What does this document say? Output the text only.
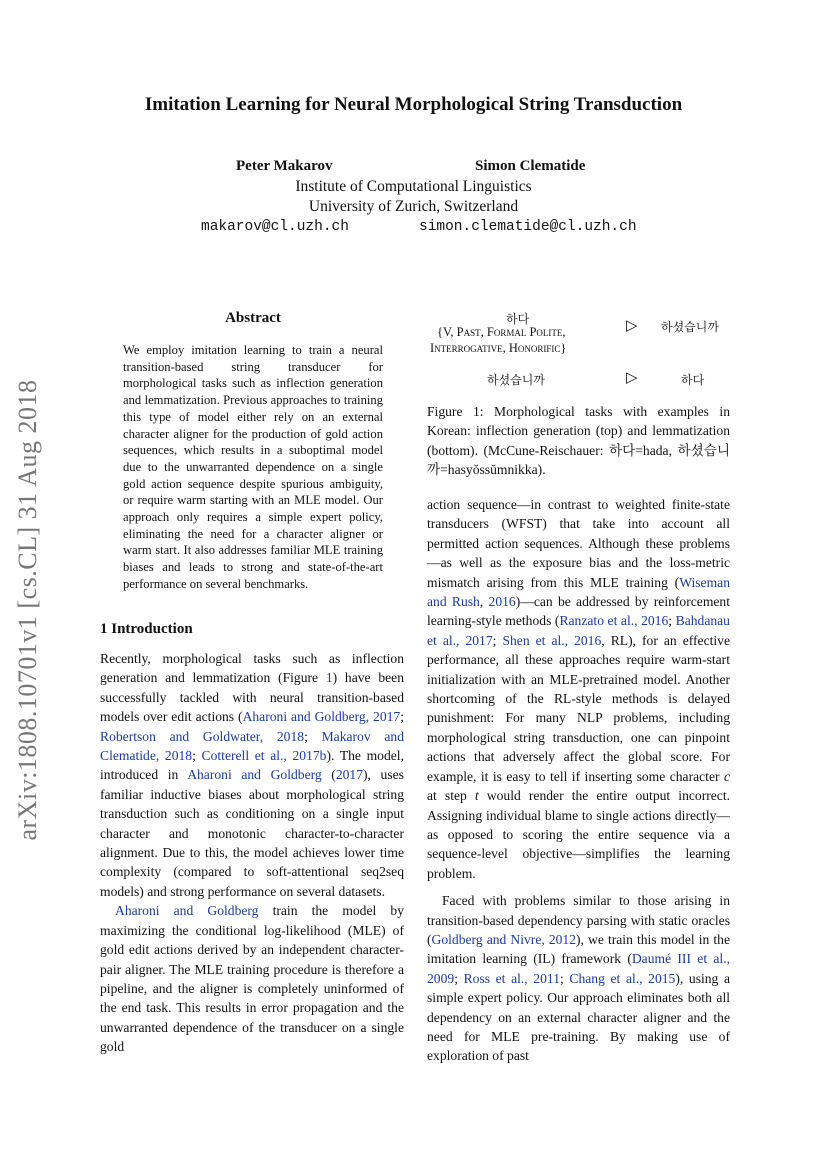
Imitation Learning for Neural Morphological String Transduction
Peter Makarov	Simon Clematide
Institute of Computational Linguistics
University of Zurich, Switzerland
makarov@cl.uzh.ch	simon.clematide@cl.uzh.ch
arXiv:1808.10701v1 [cs.CL] 31 Aug 2018
Abstract
We employ imitation learning to train a neural transition-based string transducer for morphological tasks such as inflection generation and lemmatization. Previous approaches to training this type of model either rely on an external character aligner for the production of gold action sequences, which results in a suboptimal model due to the unwarranted dependence on a single gold action sequence despite spurious ambiguity, or require warm starting with an MLE model. Our approach only requires a simple expert policy, eliminating the need for a character aligner or warm start. It also addresses familiar MLE training biases and leads to strong and state-of-the-art performance on several benchmarks.
1 Introduction

Recently, morphological tasks such as inflection generation and lemmatization (Figure 1) have been successfully tackled with neural transition-based models over edit actions (Aharoni and Goldberg, 2017; Robertson and Goldwater, 2018; Makarov and Clematide, 2018; Cotterell et al., 2017b). The model, introduced in Aharoni and Goldberg (2017), uses familiar inductive biases about morphological string transduction such as conditioning on a single input character and monotonic character-to-character alignment. Due to this, the model achieves lower time complexity (compared to soft-attentional seq2seq models) and strong performance on several datasets.

Aharoni and Goldberg train the model by maximizing the conditional log-likelihood (MLE) of gold edit actions derived by an independent character-pair aligner. The MLE training procedure is therefore a pipeline, and the aligner is completely uninformed of the end task. This results in error propagation and the unwarranted dependence of the transducer on a single gold

하다
{V, Past, Formal Polite,
Interrogative, Honorific}
▷ 하셨습니까
하셨습니까	▷	하다
Figure 1: Morphological tasks with examples in Korean: inflection generation (top) and lemmatization (bottom). (McCune-Reischauer: 하다=hada, 하셨습니까=hasyŏssŭmnikka).

action sequence—in contrast to weighted finite-state transducers (WFST) that take into account all permitted action sequences. Although these problems—as well as the exposure bias and the loss-metric mismatch arising from this MLE training (Wiseman and Rush, 2016)—can be addressed by reinforcement learning-style methods (Ranzato et al., 2016; Bahdanau et al., 2017; Shen et al., 2016, RL), for an effective performance, all these approaches require warm-start initialization with an MLE-pretrained model. Another shortcoming of the RL-style methods is delayed punishment: For many NLP problems, including morphological string transduction, one can pinpoint actions that adversely affect the global score. For example, it is easy to tell if inserting some character c at step t would render the entire output incorrect. Assigning individual blame to single actions directly—as opposed to scoring the entire sequence via a sequence-level objective—simplifies the learning problem.

Faced with problems similar to those arising in transition-based dependency parsing with static oracles (Goldberg and Nivre, 2012), we train this model in the imitation learning (IL) framework (Daumé III et al., 2009; Ross et al., 2011; Chang et al., 2015), using a simple expert policy. Our approach eliminates both all dependency on an external character aligner and the need for MLE pre-training. By making use of exploration of past
